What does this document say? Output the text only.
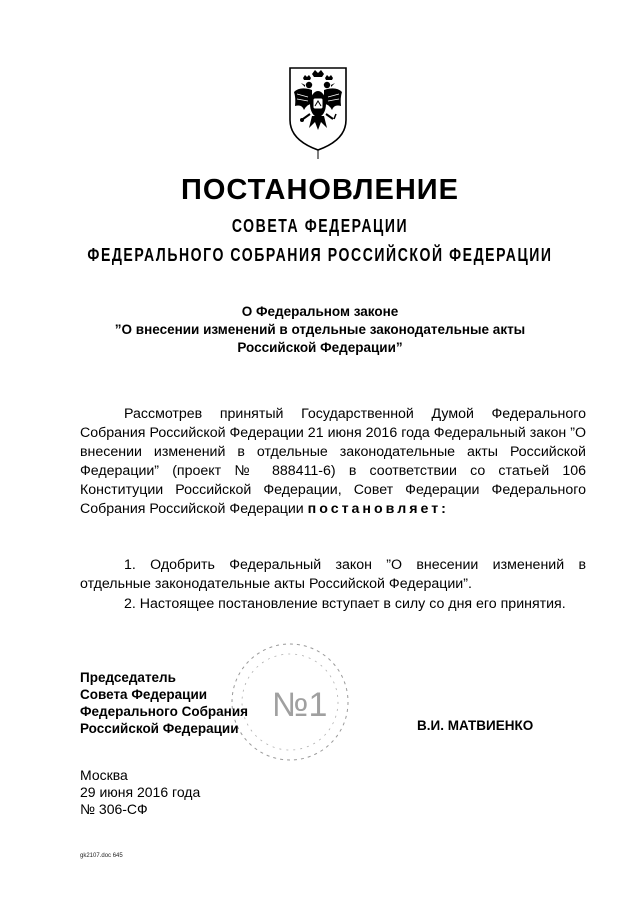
ПОСТАНОВЛЕНИЕ
СОВЕТА ФЕДЕРАЦИИ
ФЕДЕРАЛЬНОГО СОБРАНИЯ РОССИЙСКОЙ ФЕДЕРАЦИИ
О Федеральном законе
”О внесении изменений в отдельные законодательные акты
Российской Федерации”

Рассмотрев принятый Государственной Думой Федерального Собрания Российской Федерации 21 июня 2016 года Федеральный закон ”О внесении изменений в отдельные законодательные акты Российской Федерации” (проект № 888411-6) в соответствии со статьей 106 Конституции Российской Федерации, Совет Федерации Федерального Собрания Российской Федерации постановляет:

1. Одобрить Федеральный закон ”О внесении изменений в отдельные законодательные акты Российской Федерации”.

2. Настоящее постановление вступает в силу со дня его принятия.

№1
Председатель
Совета Федерации
Федерального Собрания
Российской Федерации	В.И. МАТВИЕНКО
Москва
29 июня 2016 года
№ 306-СФ
gk2107.doc 645
